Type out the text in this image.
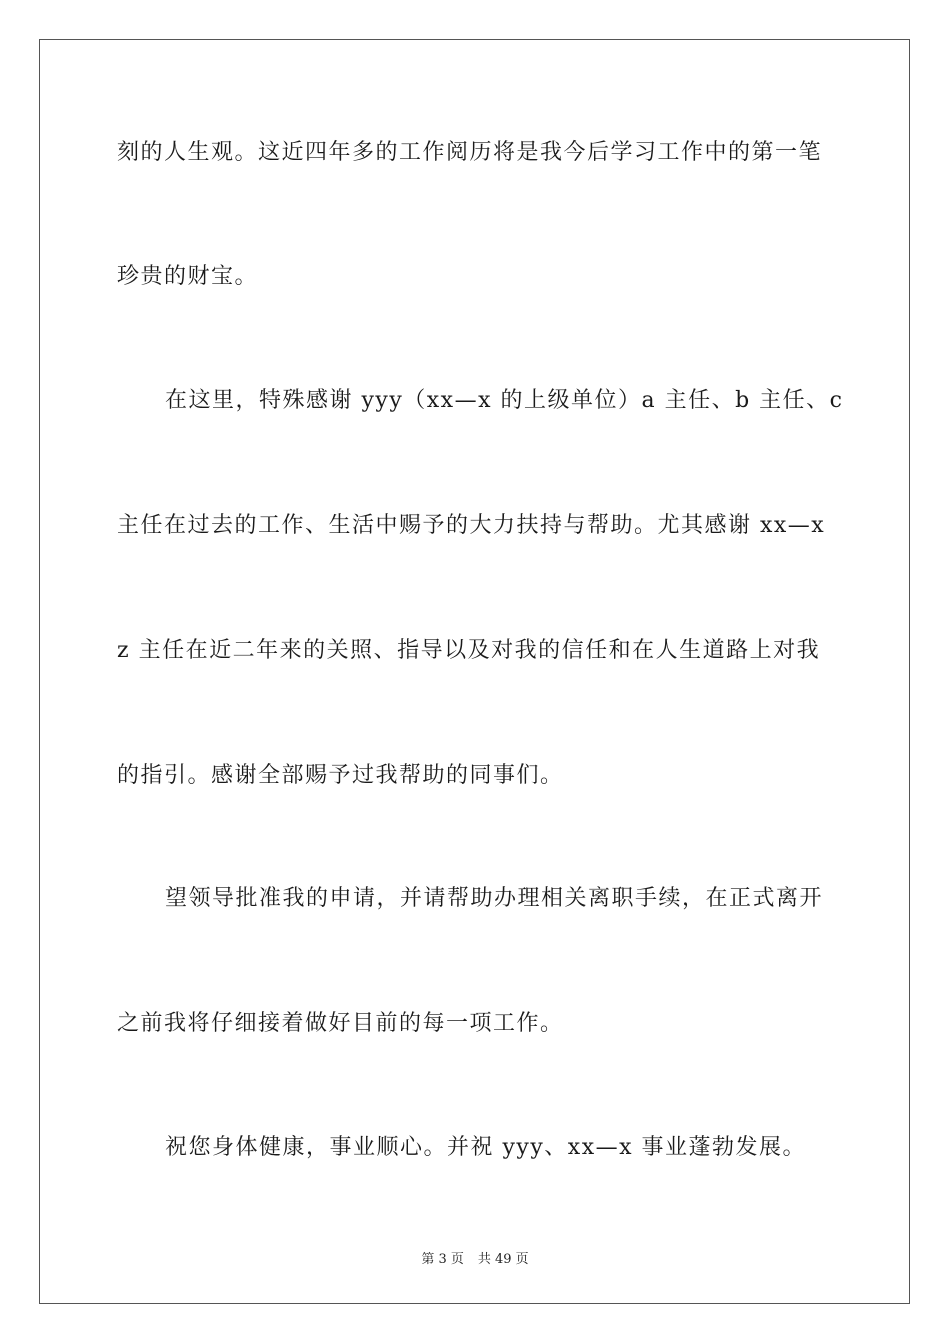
刻的人生观。这近四年多的工作阅历将是我今后学习工作中的第一笔
珍贵的财宝。
在这里，特殊感谢 yyy（xx—x 的上级单位）a 主任、b 主任、c
主任在过去的工作、生活中赐予的大力扶持与帮助。尤其感谢 xx—x
z 主任在近二年来的关照、指导以及对我的信任和在人生道路上对我
的指引。感谢全部赐予过我帮助的同事们。
望领导批准我的申请，并请帮助办理相关离职手续，在正式离开
之前我将仔细接着做好目前的每一项工作。
祝您身体健康，事业顺心。并祝 yyy、xx—x 事业蓬勃发展。
第 3 页 共 49 页
